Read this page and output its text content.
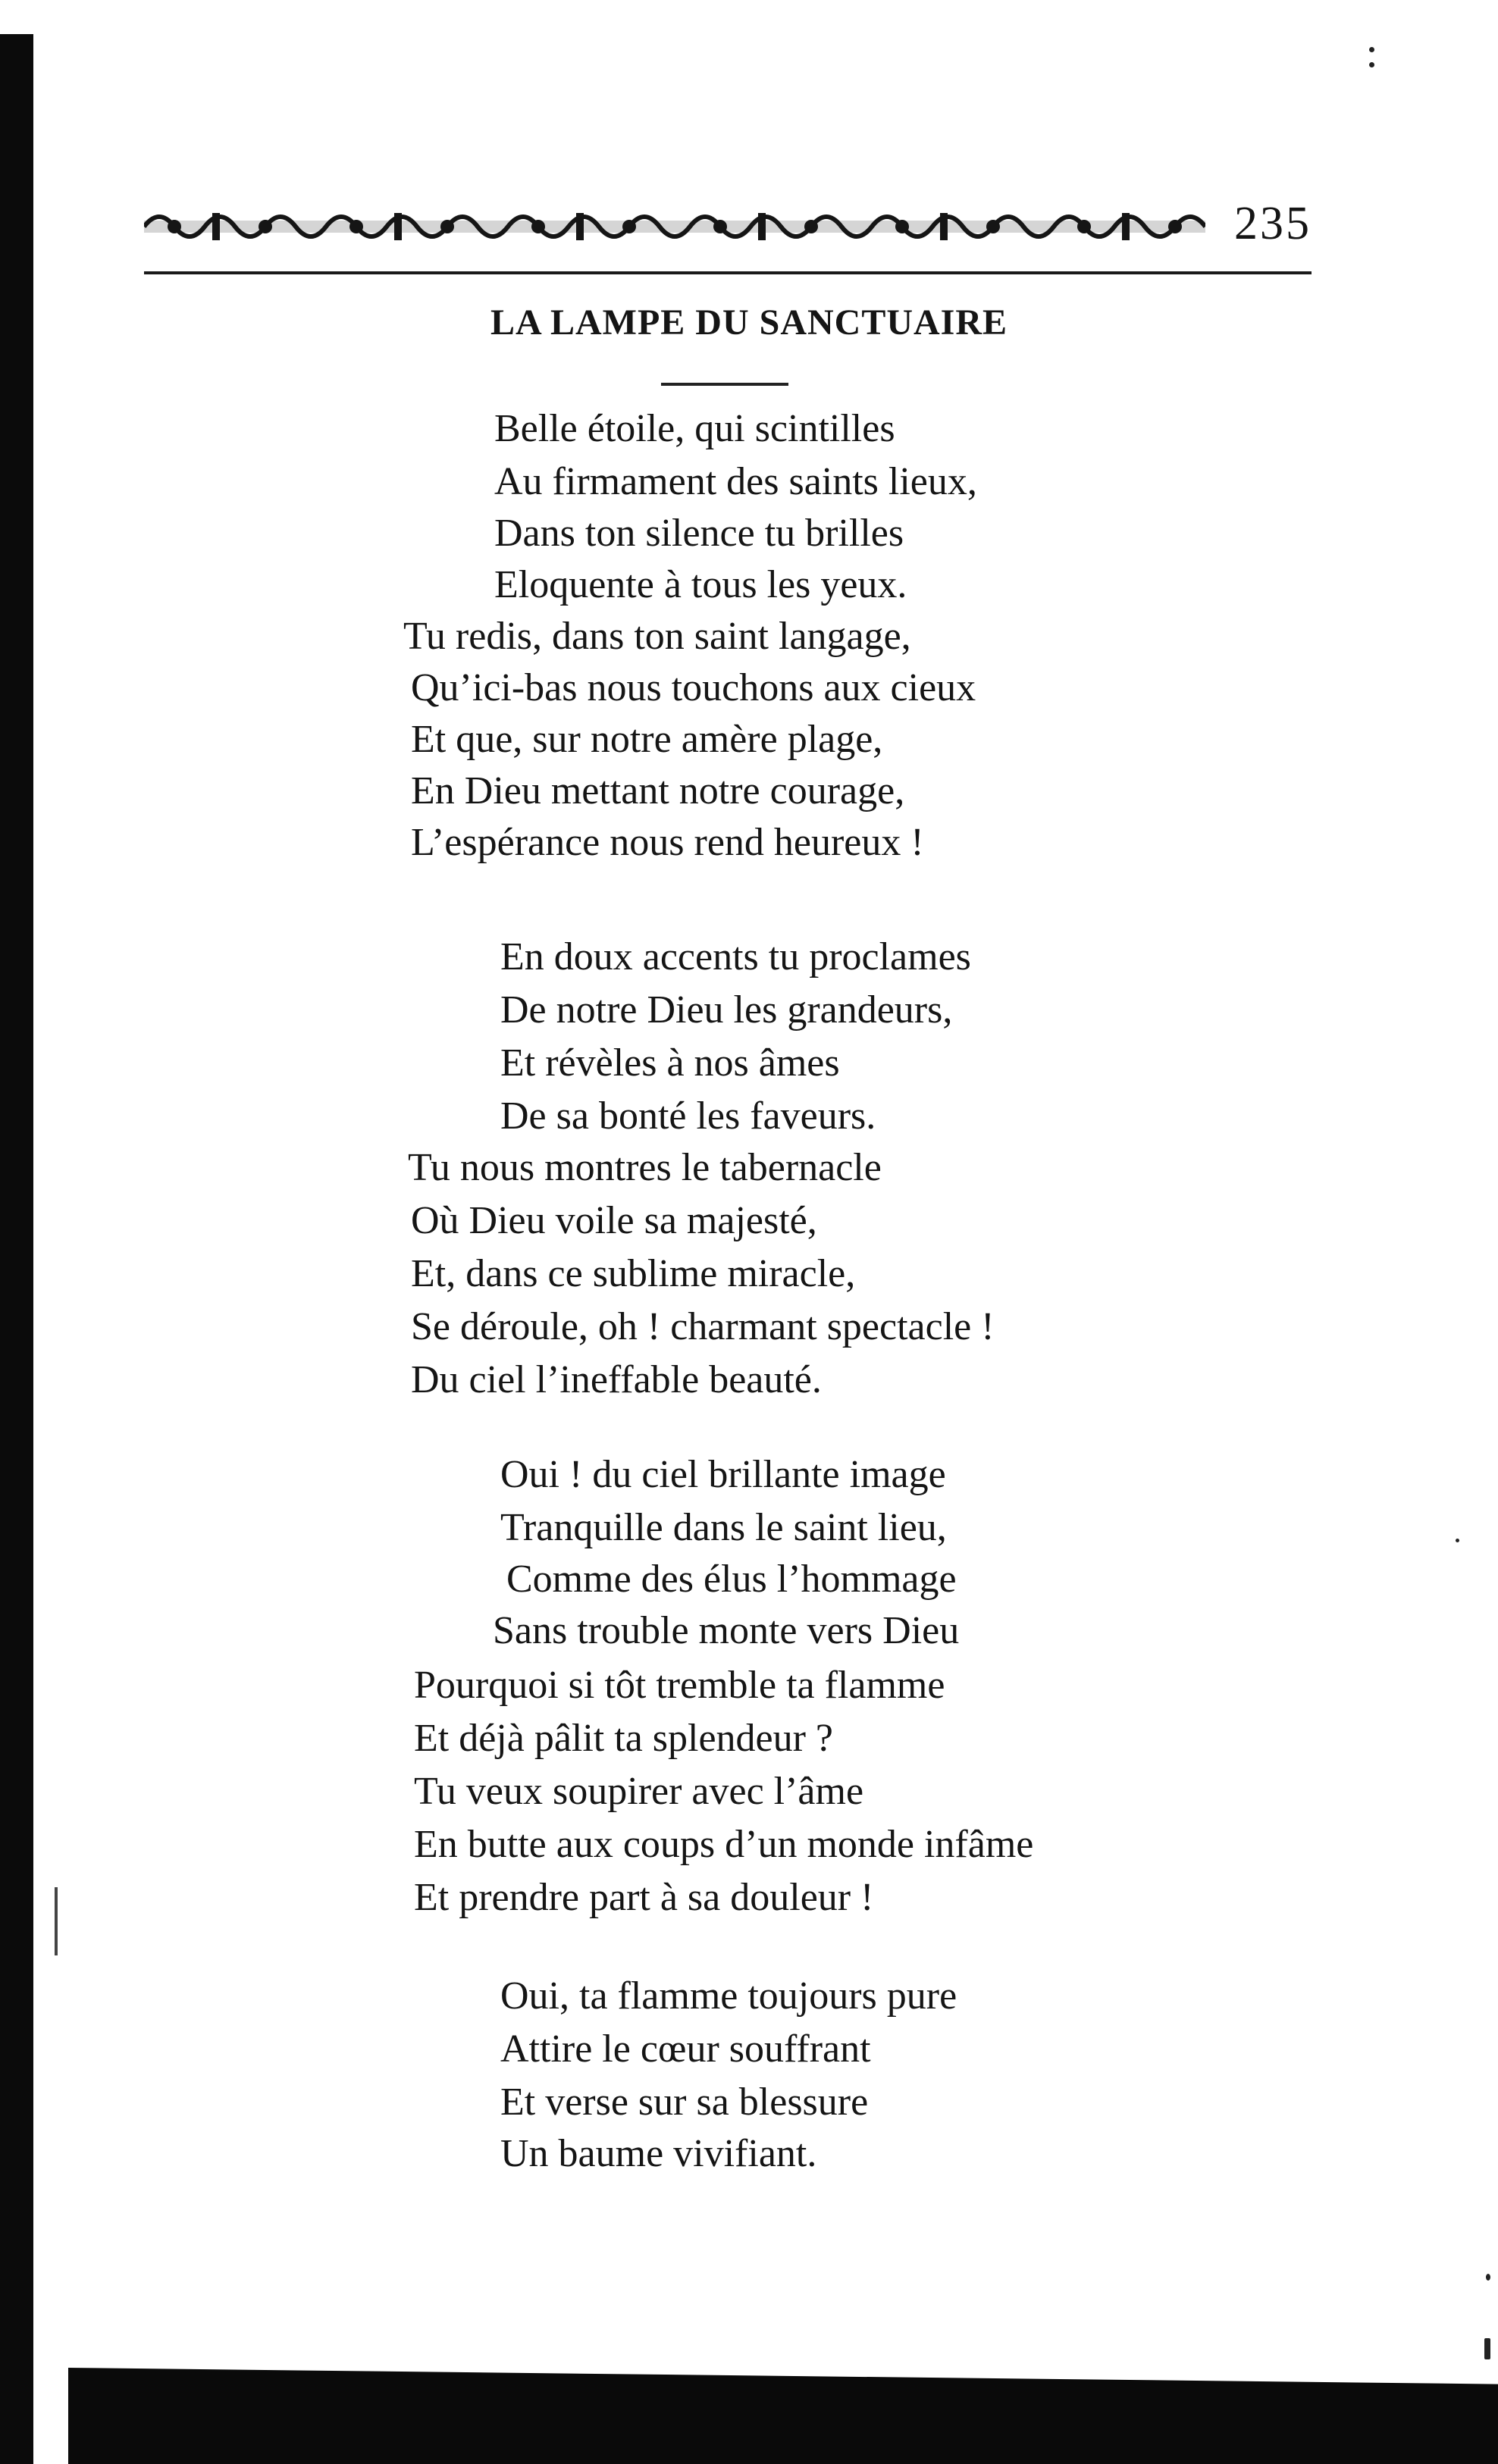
235
LA LAMPE DU SANCTUAIRE
Belle étoile, qui scintilles
Au firmament des saints lieux,
Dans ton silence tu brilles
Eloquente à tous les yeux.
Tu redis, dans ton saint langage,
Qu’ici-bas nous touchons aux cieux
Et que, sur notre amère plage,
En Dieu mettant notre courage,
L’espérance nous rend heureux !
En doux accents tu proclames
De notre Dieu les grandeurs,
Et révèles à nos âmes
De sa bonté les faveurs.
Tu nous montres le tabernacle
Où Dieu voile sa majesté,
Et, dans ce sublime miracle,
Se déroule, oh ! charmant spectacle !
Du ciel l’ineffable beauté.
Oui ! du ciel brillante image
Tranquille dans le saint lieu,
Comme des élus l’hommage
Sans trouble monte vers Dieu
Pourquoi si tôt tremble ta flamme
Et déjà pâlit ta splendeur ?
Tu veux soupirer avec l’âme
En butte aux coups d’un monde infâme
Et prendre part à sa douleur !
Oui, ta flamme toujours pure
Attire le cœur souffrant
Et verse sur sa blessure
Un baume vivifiant.
